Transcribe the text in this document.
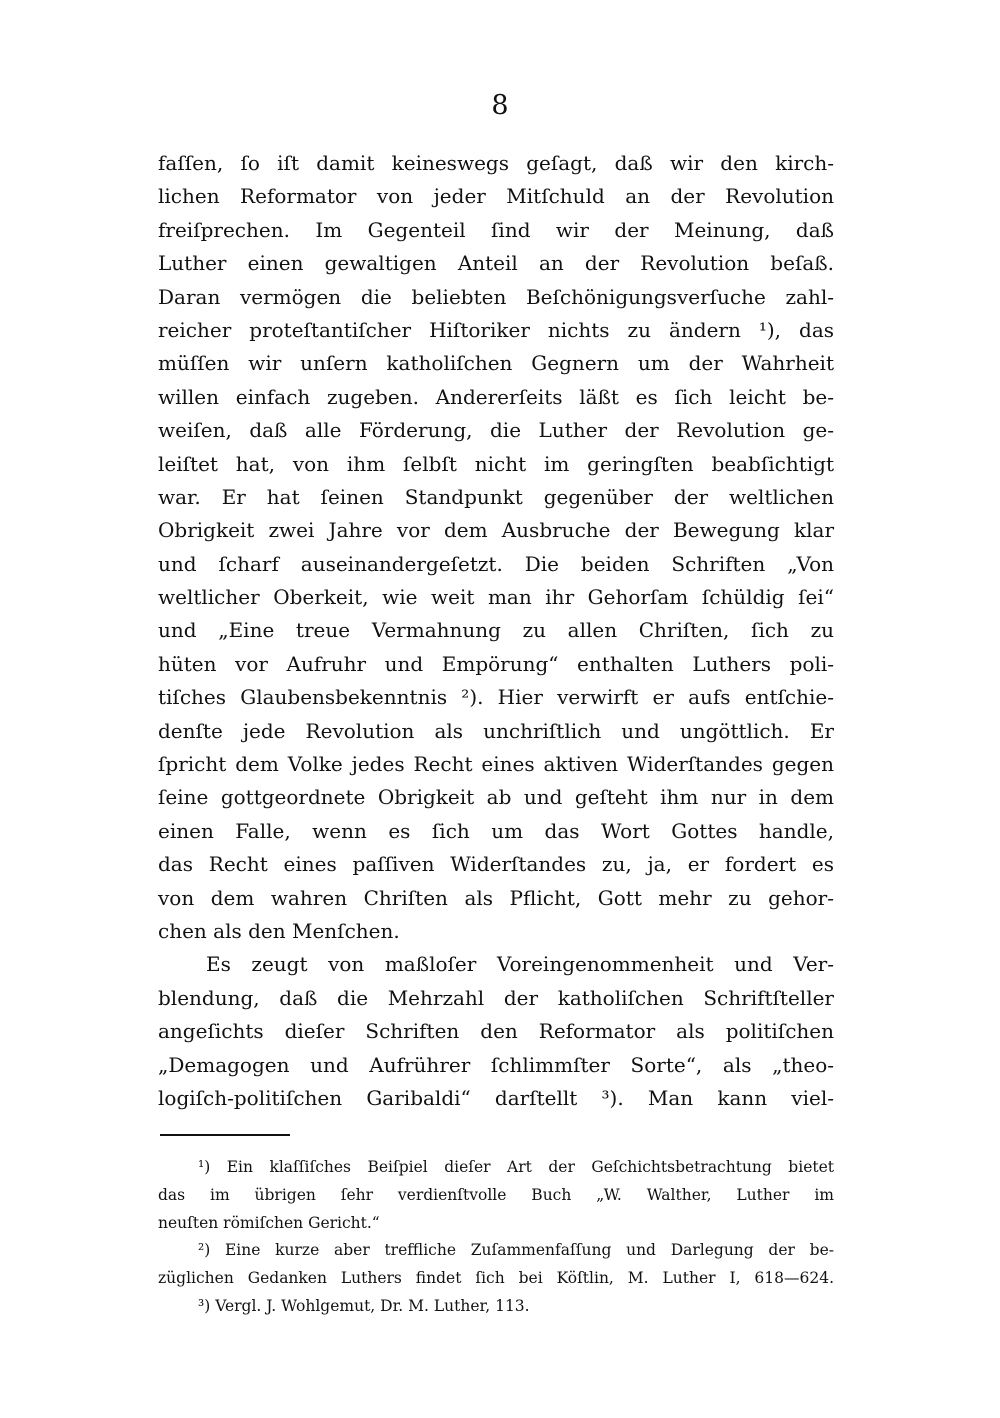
8
faſſen, ſo iſt damit keineswegs geſagt, daß wir den kirch-
lichen Reformator von jeder Mitſchuld an der Revolution
freiſprechen. Im Gegenteil ſind wir der Meinung, daß
Luther einen gewaltigen Anteil an der Revolution beſaß.
Daran vermögen die beliebten Beſchönigungsverſuche zahl-
reicher proteſtantiſcher Hiſtoriker nichts zu ändern ¹), das
müſſen wir unſern katholiſchen Gegnern um der Wahrheit
willen einfach zugeben. Andererſeits läßt es ſich leicht be-
weiſen, daß alle Förderung, die Luther der Revolution ge-
leiſtet hat, von ihm ſelbſt nicht im geringſten beabſichtigt
war. Er hat ſeinen Standpunkt gegenüber der weltlichen
Obrigkeit zwei Jahre vor dem Ausbruche der Bewegung klar
und ſcharf auseinandergeſetzt. Die beiden Schriften „Von
weltlicher Oberkeit, wie weit man ihr Gehorſam ſchüldig ſei“
und „Eine treue Vermahnung zu allen Chriſten, ſich zu
hüten vor Aufruhr und Empörung“ enthalten Luthers poli-
tiſches Glaubensbekenntnis ²). Hier verwirft er aufs entſchie-
denſte jede Revolution als unchriſtlich und ungöttlich. Er
ſpricht dem Volke jedes Recht eines aktiven Widerſtandes gegen
ſeine gottgeordnete Obrigkeit ab und geſteht ihm nur in dem
einen Falle, wenn es ſich um das Wort Gottes handle,
das Recht eines paſſiven Widerſtandes zu, ja, er fordert es
von dem wahren Chriſten als Pflicht, Gott mehr zu gehor-
chen als den Menſchen.
Es zeugt von maßloſer Voreingenommenheit und Ver-
blendung, daß die Mehrzahl der katholiſchen Schriftſteller
angeſichts dieſer Schriften den Reformator als politiſchen
„Demagogen und Aufrührer ſchlimmſter Sorte“, als „theo-
logiſch-politiſchen Garibaldi“ darſtellt ³). Man kann viel-
¹) Ein klaſſiſches Beiſpiel dieſer Art der Geſchichtsbetrachtung bietet
das im übrigen ſehr verdienſtvolle Buch „W. Walther, Luther im
neuſten römiſchen Gericht.“
²) Eine kurze aber treffliche Zuſammenfaſſung und Darlegung der be-
züglichen Gedanken Luthers findet ſich bei Köſtlin, M. Luther I, 618—624.
³) Vergl. J. Wohlgemut, Dr. M. Luther, 113.
